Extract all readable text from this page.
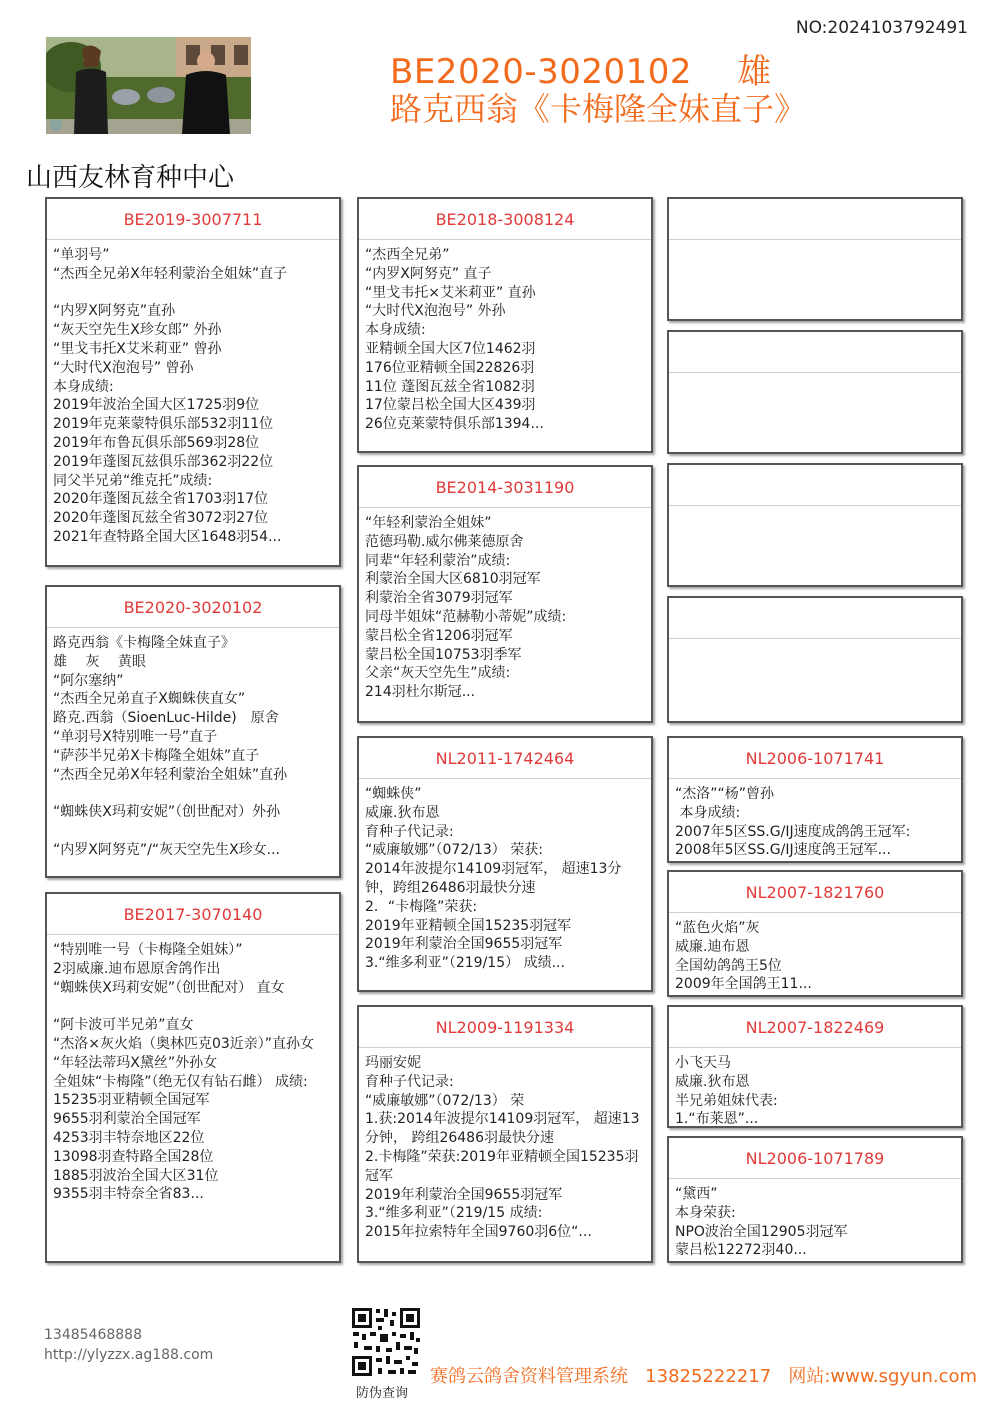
NO:2024103792491
BE2020-3020102 雄
路克西翁《卡梅隆全妹直子》
山西友林育种中心
BE2019-3007711
“单羽号”
“杰西全兄弟X年轻利蒙治全姐妹”直子

“内罗X阿努克”直孙
“灰天空先生X珍女郎” 外孙
“里戈韦托X艾米莉亚” 曾孙
“大时代X泡泡号” 曾孙
本身成绩:
2019年波治全国大区1725羽9位
2019年克莱蒙特俱乐部532羽11位
2019年布鲁瓦俱乐部569羽28位
2019年蓬图瓦兹俱乐部362羽22位
同父半兄弟“维克托”成绩:
2020年蓬图瓦兹全省1703羽17位
2020年蓬图瓦兹全省3072羽27位
2021年查特路全国大区1648羽54...
BE2020-3020102
路克西翁《卡梅隆全妹直子》
雄　 灰　 黄眼
“阿尔塞纳”
“杰西全兄弟直子X蜘蛛侠直女”
路克.西翁（SioenLuc-Hilde)　原舍
“单羽号X特别唯一号”直子
“萨莎半兄弟X卡梅隆全姐妹”直子
“杰西全兄弟X年轻利蒙治全姐妹”直孙

“蜘蛛侠X玛莉安妮”（创世配对）外孙

“内罗X阿努克”/“灰天空先生X珍女...
BE2017-3070140
“特别唯一号（卡梅隆全姐妹）”
2羽威廉.迪布恩原舍鸽作出
“蜘蛛侠X玛莉安妮”（创世配对） 直女

“阿卡波可半兄弟”直女
“杰洛×灰火焰（奥林匹克03近亲）”直孙女
“年轻法蒂玛X黛丝”外孙女
全姐妹“卡梅隆”（绝无仅有钻石雌） 成绩:
15235羽亚精顿全国冠军
9655羽利蒙治全国冠军
4253羽丰特奈地区22位
13098羽查特路全国28位
1885羽波治全国大区31位
9355羽丰特奈全省83...
BE2018-3008124
“杰西全兄弟”
“内罗X阿努克” 直子
“里戈韦托×艾米莉亚” 直孙
“大时代X泡泡号” 外孙
本身成绩:
亚精顿全国大区7位1462羽
176位亚精顿全国22826羽
11位 蓬图瓦兹全省1082羽
17位蒙吕松全国大区439羽
26位克莱蒙特俱乐部1394...
BE2014-3031190
“年轻利蒙治全姐妹”
范德玛勒.威尔佛莱德原舍
同辈“年轻利蒙治”成绩:
利蒙治全国大区6810羽冠军
利蒙治全省3079羽冠军
同母半姐妹“范赫勒小蒂妮”成绩:
蒙吕松全省1206羽冠军
蒙吕松全国10753羽季军
父亲“灰天空先生”成绩:
214羽杜尔斯冠...
NL2011-1742464
“蜘蛛侠”
威廉.狄布恩
育种子代记录:
“威廉敏娜”（072/13） 荣获:
2014年波提尔14109羽冠军， 超速13分钟，跨组26486羽最快分速
2．“卡梅隆”荣获:
2019年亚精顿全国15235羽冠军
2019年利蒙治全国9655羽冠军
3.“维多利亚”（219/15） 成绩...
NL2009-1191334
玛丽安妮
育种子代记录:
“威廉敏娜”（072/13） 荣
1.获:2014年波提尔14109羽冠军， 超速13分钟， 跨组26486羽最快分速
2.卡梅隆”荣获:2019年亚精顿全国15235羽冠军
2019年利蒙治全国9655羽冠军
3.“维多利亚”（219/15 成绩:
2015年拉索特年全国9760羽6位“...
NL2006-1071741
“杰洛”“杨”曾孙
本身成绩:
2007年5区SS.G/IJ速度成鸽鸽王冠军:
2008年5区SS.G/IJ速度鸽王冠军...
NL2007-1821760
“蓝色火焰”灰
威廉.迪布恩
全国幼鸽鸽王5位
2009年全国鸽王11...
NL2007-1822469
小飞天马
威廉.狄布恩
半兄弟姐妹代表:
1.“布莱恩”...
NL2006-1071789
“黛西”
本身荣获:
NPO波治全国12905羽冠军
蒙吕松12272羽40...
13485468888
http://ylyzzx.ag188.com
防伪查询
赛鸽云鸽舍资料管理系统 13825222217 网站:www.sgyun.com
